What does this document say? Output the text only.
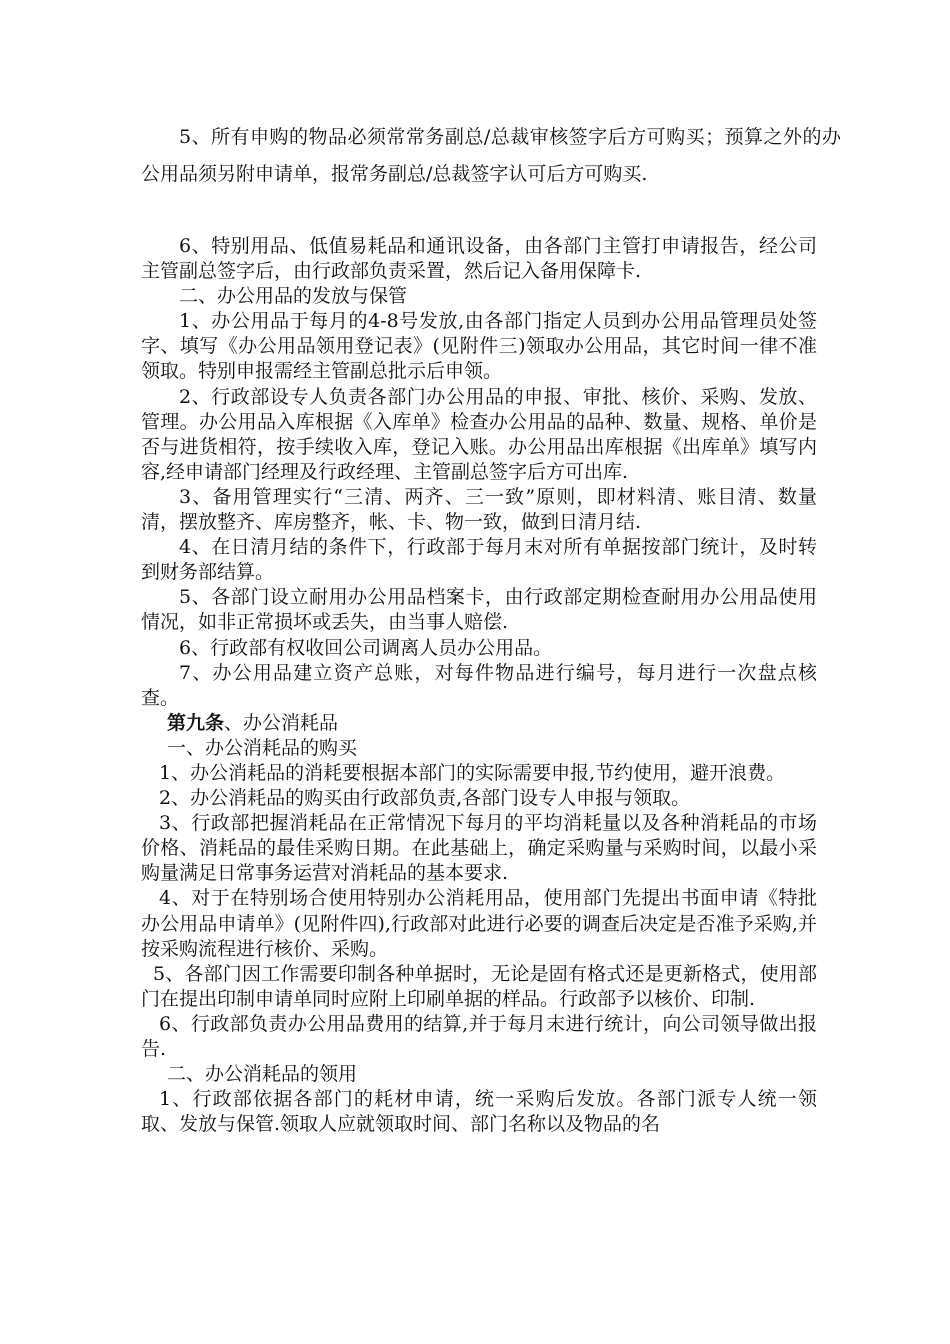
5、所有申购的物品必须常常务副总/总裁审核签字后方可购买；预算之外的办公用品须另附申请单，报常务副总/总裁签字认可后方可购买.

6、特别用品、低值易耗品和通讯设备，由各部门主管打申请报告，经公司主管副总签字后，由行政部负责采置，然后记入备用保障卡.

二、办公用品的发放与保管

1、办公用品于每月的4-8号发放,由各部门指定人员到办公用品管理员处签字、填写《办公用品领用登记表》(见附件三)领取办公用品，其它时间一律不准领取。特别申报需经主管副总批示后申领。

2、行政部设专人负责各部门办公用品的申报、审批、核价、采购、发放、管理。办公用品入库根据《入库单》检查办公用品的品种、数量、规格、单价是否与进货相符，按手续收入库，登记入账。办公用品出库根据《出库单》填写内容,经申请部门经理及行政经理、主管副总签字后方可出库.

3、备用管理实行“三清、两齐、三一致”原则，即材料清、账目清、数量清，摆放整齐、库房整齐，帐、卡、物一致，做到日清月结.

4、在日清月结的条件下，行政部于每月末对所有单据按部门统计，及时转到财务部结算。

5、各部门设立耐用办公用品档案卡，由行政部定期检查耐用办公用品使用情况，如非正常损坏或丢失，由当事人赔偿.

6、行政部有权收回公司调离人员办公用品。

7、办公用品建立资产总账，对每件物品进行编号，每月进行一次盘点核查。

第九条、办公消耗品

一、办公消耗品的购买

1、办公消耗品的消耗要根据本部门的实际需要申报,节约使用，避开浪费。

2、办公消耗品的购买由行政部负责,各部门设专人申报与领取。

3、行政部把握消耗品在正常情况下每月的平均消耗量以及各种消耗品的市场价格、消耗品的最佳采购日期。在此基础上，确定采购量与采购时间，以最小采购量满足日常事务运营对消耗品的基本要求.

4、对于在特别场合使用特别办公消耗用品，使用部门先提出书面申请《特批办公用品申请单》(见附件四),行政部对此进行必要的调查后决定是否准予采购,并按采购流程进行核价、采购。

5、各部门因工作需要印制各种单据时，无论是固有格式还是更新格式，使用部门在提出印制申请单同时应附上印刷单据的样品。行政部予以核价、印制.

6、行政部负责办公用品费用的结算,并于每月末进行统计，向公司领导做出报告.

二、办公消耗品的领用

1、行政部依据各部门的耗材申请，统一采购后发放。各部门派专人统一领取、发放与保管.领取人应就领取时间、部门名称以及物品的名
